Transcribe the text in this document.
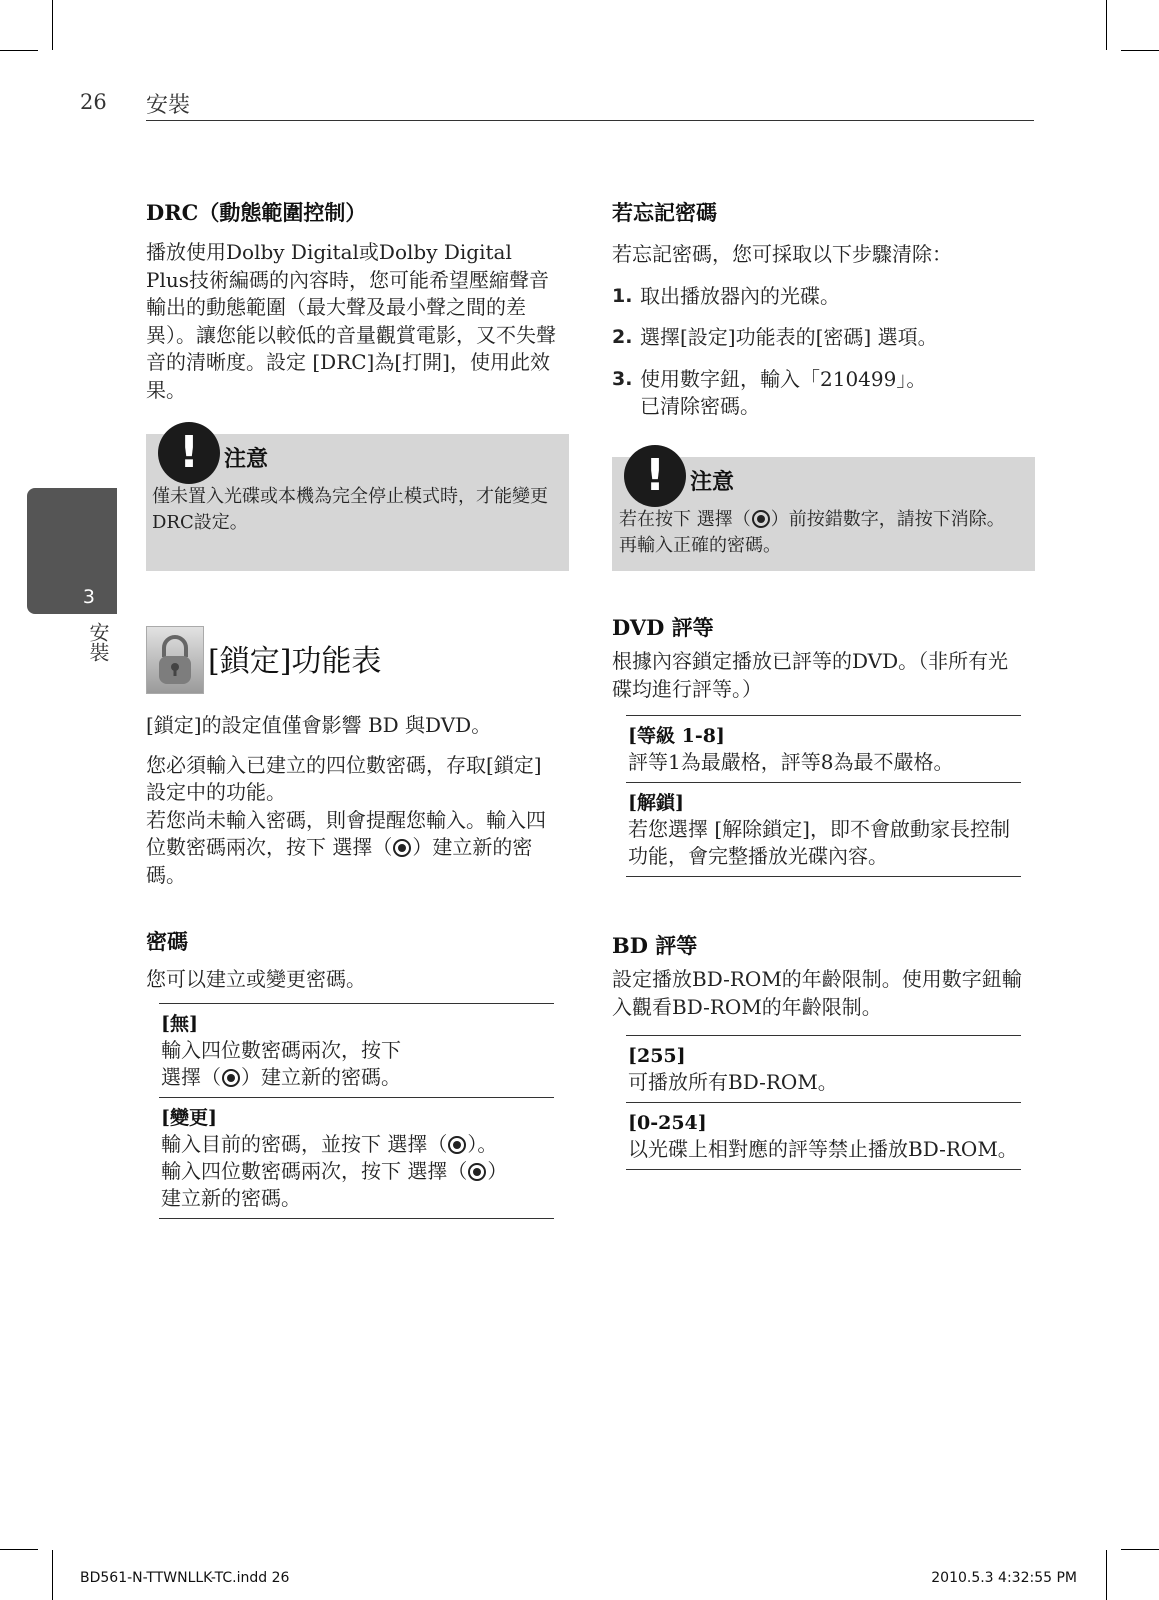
26 安裝
3
安裝
DRC（動態範圍控制）

播放使用Dolby Digital或Dolby Digital Plus技術編碼的內容時，您可能希望壓縮聲音輸出的動態範圍（最大聲及最小聲之間的差異）。讓您能以較低的音量觀賞電影，又不失聲音的清晰度。設定 [DRC]為[打開]，使用此效果。

!	注意
僅未置入光碟或本機為完全停止模式時，才能變更DRC設定。
[鎖定]功能表

[鎖定]的設定值僅會影響 BD 與DVD。

您必須輸入已建立的四位數密碼，存取[鎖定]設定中的功能。

若您尚未輸入密碼，則會提醒您輸入。輸入四位數密碼兩次，按下 選擇（ ）建立新的密碼。

密碼

您可以建立或變更密碼。

[無]
輸入四位數密碼兩次，按下
選擇（ ）建立新的密碼。
[變更]
輸入目前的密碼，並按下 選擇（ ）。
輸入四位數密碼兩次，按下 選擇（ ）
建立新的密碼。
若忘記密碼

若忘記密碼，您可採取以下步驟清除：

1. 取出播放器內的光碟。
2. 選擇[設定]功能表的[密碼] 選項。
3. 使用數字鈕，輸入「210499」。
已清除密碼。
!	注意
若在按下 選擇（ ）前按錯數字，請按下消除。再輸入正確的密碼。
DVD 評等

根據內容鎖定播放已評等的DVD。（非所有光碟均進行評等。）

[等級 1-8]
評等1為最嚴格，評等8為最不嚴格。
[解鎖]
若您選擇 [解除鎖定]，即不會啟動家長控制功能，會完整播放光碟內容。
BD 評等

設定播放BD-ROM的年齡限制。使用數字鈕輸入觀看BD-ROM的年齡限制。

[255]
可播放所有BD-ROM。
[0-254]
以光碟上相對應的評等禁止播放BD-ROM。
BD561-N-TTWNLLK-TC.indd 26	2010.5.3 4:32:55 PM
